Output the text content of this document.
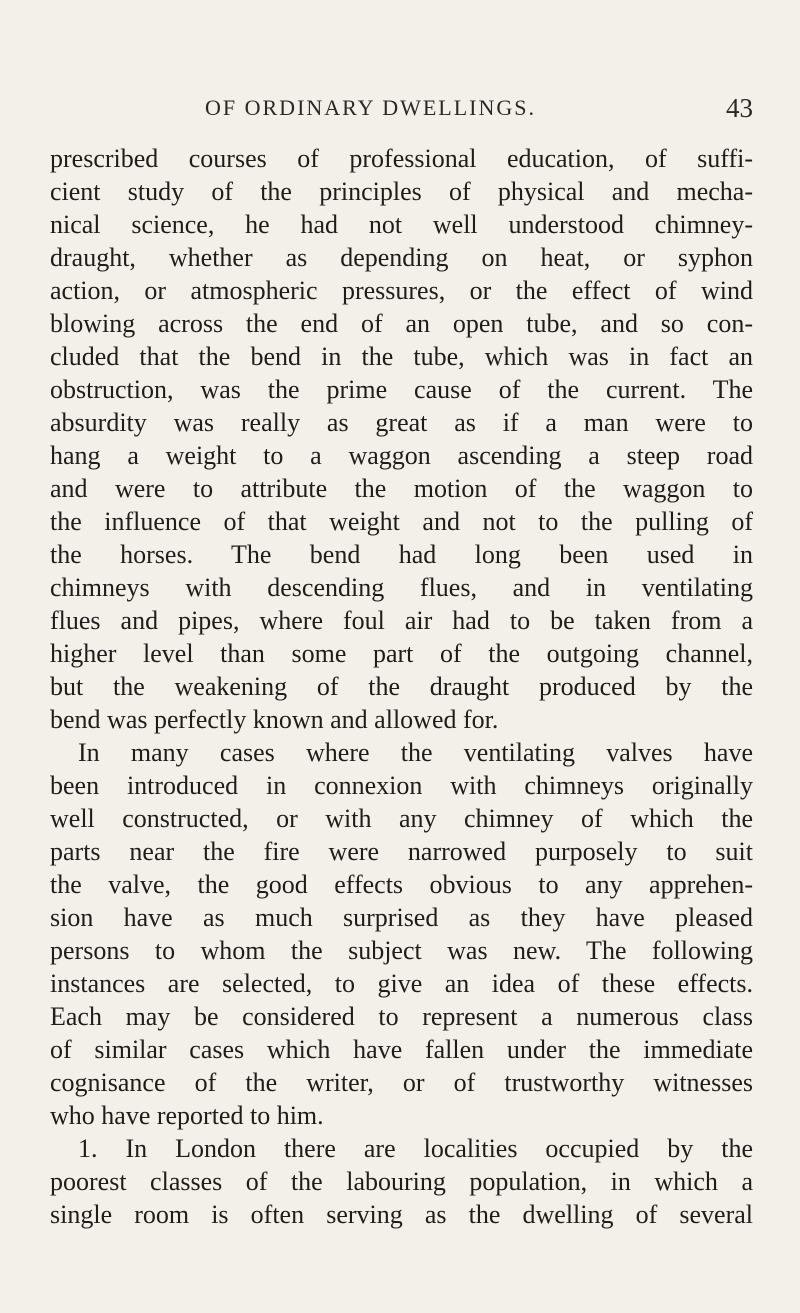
OF ORDINARY DWELLINGS.	43
prescribed courses of professional education, of suffi-
cient study of the principles of physical and mecha-
nical science, he had not well understood chimney-
draught, whether as depending on heat, or syphon
action, or atmospheric pressures, or the effect of wind
blowing across the end of an open tube, and so con-
cluded that the bend in the tube, which was in fact an
obstruction, was the prime cause of the current. The
absurdity was really as great as if a man were to
hang a weight to a waggon ascending a steep road
and were to attribute the motion of the waggon to
the influence of that weight and not to the pulling of
the horses. The bend had long been used in
chimneys with descending flues, and in ventilating
flues and pipes, where foul air had to be taken from a
higher level than some part of the outgoing channel,
but the weakening of the draught produced by the
bend was perfectly known and allowed for.
In many cases where the ventilating valves have
been introduced in connexion with chimneys originally
well constructed, or with any chimney of which the
parts near the fire were narrowed purposely to suit
the valve, the good effects obvious to any apprehen-
sion have as much surprised as they have pleased
persons to whom the subject was new. The following
instances are selected, to give an idea of these effects.
Each may be considered to represent a numerous class
of similar cases which have fallen under the immediate
cognisance of the writer, or of trustworthy witnesses
who have reported to him.
1. In London there are localities occupied by the
poorest classes of the labouring population, in which a
single room is often serving as the dwelling of several
